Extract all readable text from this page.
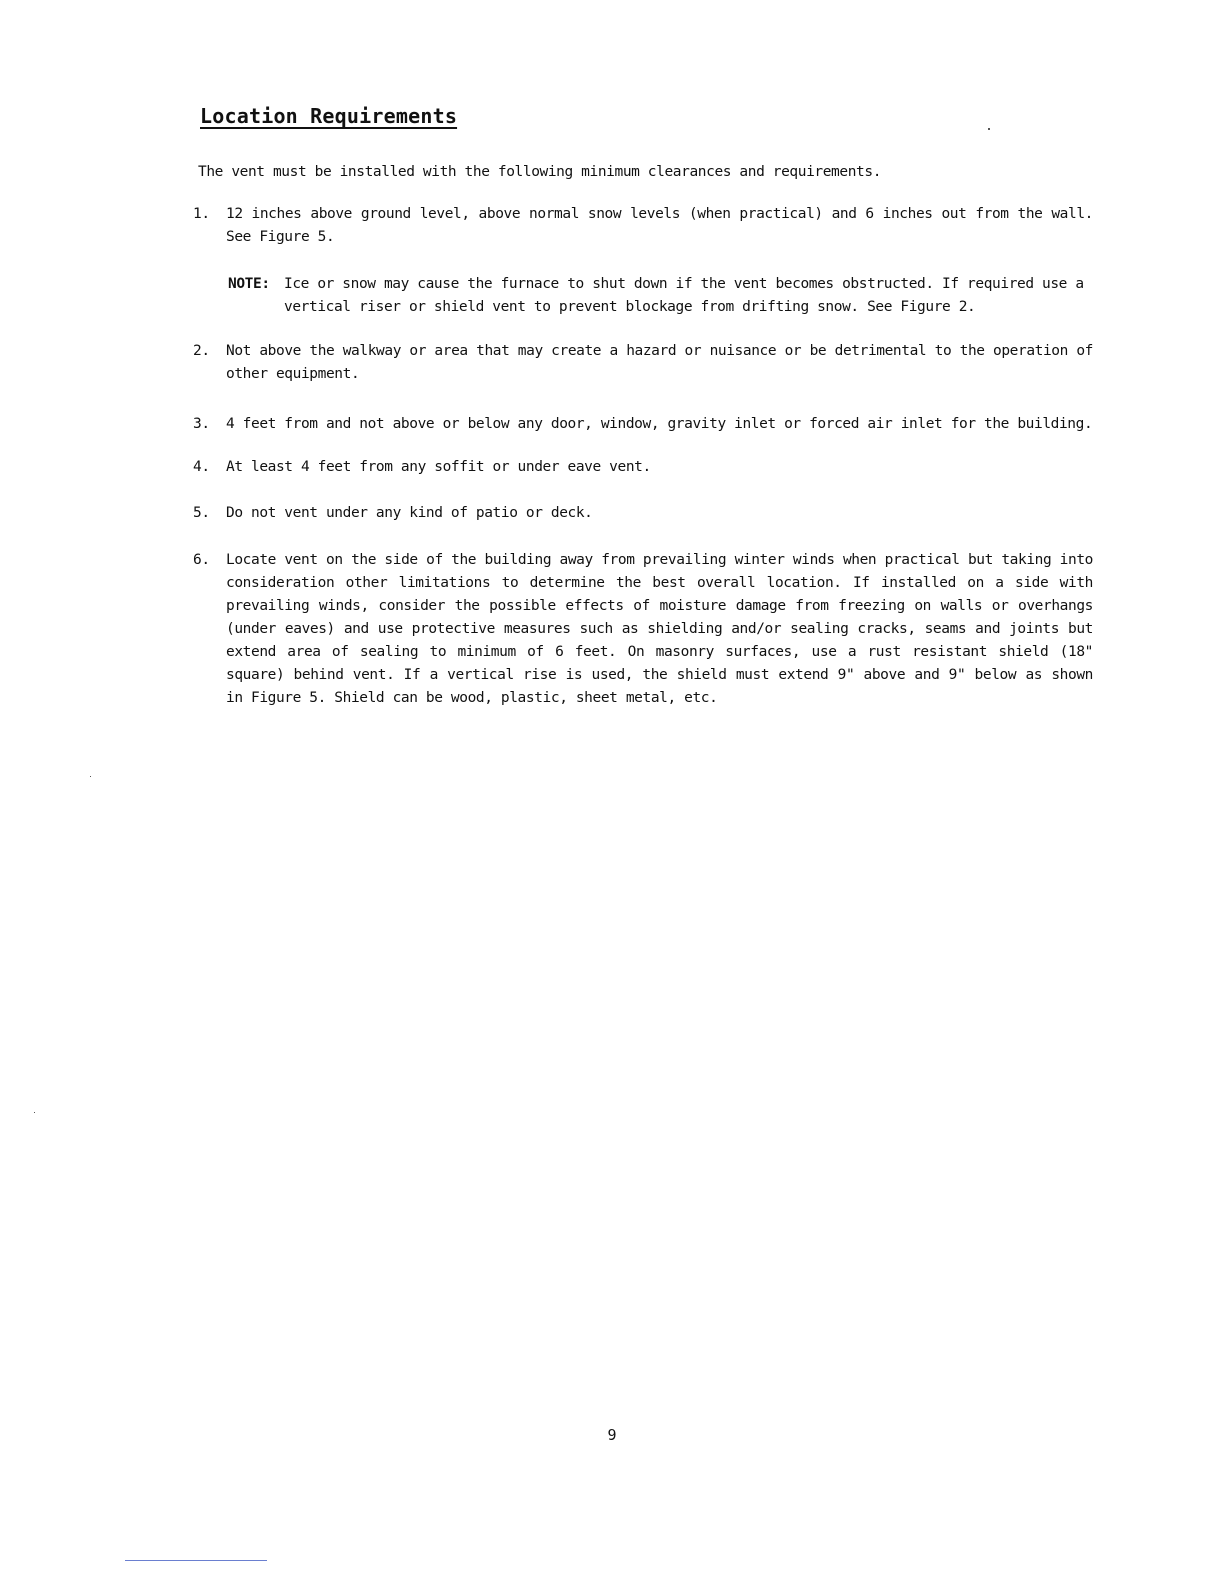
Location Requirements
The vent must be installed with the following minimum clearances and requirements.
1.	12 inches above ground level, above normal snow levels (when practical) and 6 inches out from the wall. See Figure 5.
NOTE: Ice or snow may cause the furnace to shut down if the vent becomes obstructed. If required use a vertical riser or shield vent to prevent blockage from drifting snow. See Figure 2.
2.	Not above the walkway or area that may create a hazard or nuisance or be detrimental to the operation of other equipment.
3.	4 feet from and not above or below any door, window, gravity inlet or forced air inlet for the building.
4.	At least 4 feet from any soffit or under eave vent.
5.	Do not vent under any kind of patio or deck.
6.	Locate vent on the side of the building away from prevailing winter winds when practical but taking into consideration other limitations to determine the best overall location. If installed on a side with prevailing winds, consider the possible effects of moisture damage from freezing on walls or overhangs (under eaves) and use protective measures such as shielding and/or sealing cracks, seams and joints but extend area of sealing to minimum of 6 feet. On masonry surfaces, use a rust resistant shield (18" square) behind vent. If a vertical rise is used, the shield must extend 9" above and 9" below as shown in Figure 5. Shield can be wood, plastic, sheet metal, etc.
9
